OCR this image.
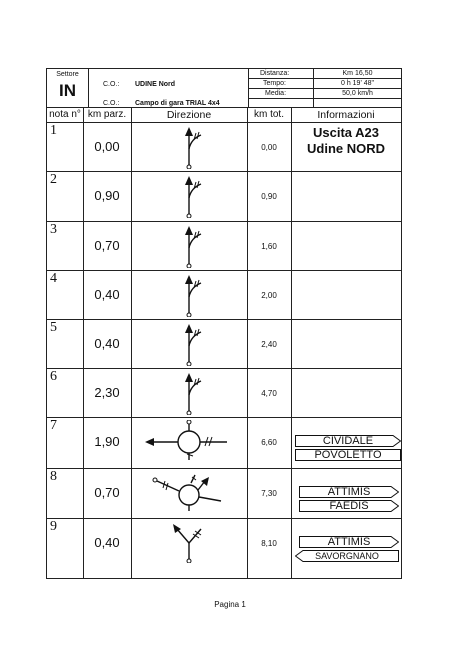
Settore
IN	C.O.: UDINE Nord
C.O.: Campo di gara TRIAL 4x4
Distanza:	Km 16,50
Tempo:	0 h 19' 48"
Media:	50,0 km/h
nota n° km parz.	Direzione	km tot.	Informazioni
1
0,00	0,00
Uscita A23
Udine NORD
2
0,90	0,90
3
0,70	1,60
4
0,40	2,00
5
0,40	2,40
6
2,30	4,70
7
1,90	6,60	CIVIDALE
POVOLETTO
8
0,70	7,30	ATTIMIS
FAEDIS
9
0,40	8,10	ATTIMIS
SAVORGNANO
Pagina 1
